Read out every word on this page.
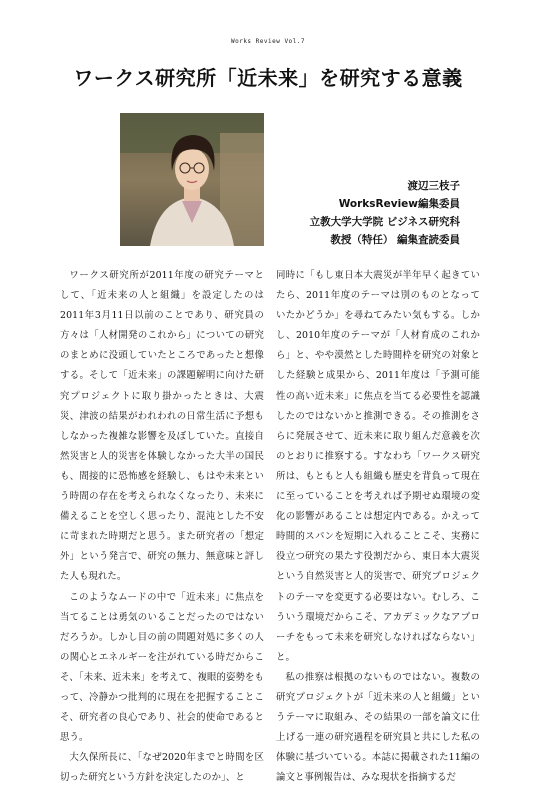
Works Review Vol.7
ワークス研究所「近未来」を研究する意義
渡辺三枝子
WorksReview編集委員
立教大学大学院 ビジネス研究科
教授（特任） 編集査読委員

ワークス研究所が2011年度の研究テーマとして、「近未来の人と組織」を設定したのは2011年3月11日以前のことであり、研究員の方々は「人材開発のこれから」についての研究のまとめに没頭していたところであったと想像する。そして「近未来」の課題解明に向けた研究プロジェクトに取り掛かったときは、大震災、津波の結果がわれわれの日常生活に予想もしなかった複雑な影響を及ぼしていた。直接自然災害と人的災害を体験しなかった大半の国民も、間接的に恐怖感を経験し、もはや未来という時間の存在を考えられなくなったり、未来に備えることを空しく思ったり、混沌とした不安に苛まれた時期だと思う。また研究者の「想定外」という発言で、研究の無力、無意味と評した人も現れた。

このようなムードの中で「近未来」に焦点を当てることは勇気のいることだったのではないだろうか。しかし目の前の問題対処に多くの人の関心とエネルギーを注がれている時だからこそ、「未来、近未来」を考えて、複眼的姿勢をもって、冷静かつ批判的に現在を把握することこそ、研究者の良心であり、社会的使命であると思う。

大久保所長に、「なぜ2020年までと時間を区切った研究という方針を決定したのか」、と

同時に「もし東日本大震災が半年早く起きていたら、2011年度のテーマは別のものとなっていたかどうか」を尋ねてみたい気もする。しかし、2010年度のテーマが「人材育成のこれから」と、やや漠然とした時間枠を研究の対象とした経験と成果から、2011年度は「予測可能性の高い近未来」に焦点を当てる必要性を認識したのではないかと推測できる。その推測をさらに発展させて、近未来に取り組んだ意義を次のとおりに推察する。すなわち「ワークス研究所は、もともと人も組織も歴史を背負って現在に至っていることを考えれば予期せぬ環境の変化の影響があることは想定内である。かえって時間的スパンを短期に入れることこそ、実務に役立つ研究の果たす役割だから、東日本大震災という自然災害と人的災害で、研究プロジェクトのテーマを変更する必要はない。むしろ、こういう環境だからこそ、アカデミックなアプローチをもって未来を研究しなければならない」と。

私の推察は根拠のないものではない。複数の研究プロジェクトが「近未来の人と組織」というテーマに取組み、その結果の一部を論文に仕上げる一連の研究過程を研究員と共にした私の体験に基づいている。本誌に掲載された11編の論文と事例報告は、みな現状を指摘するだ
